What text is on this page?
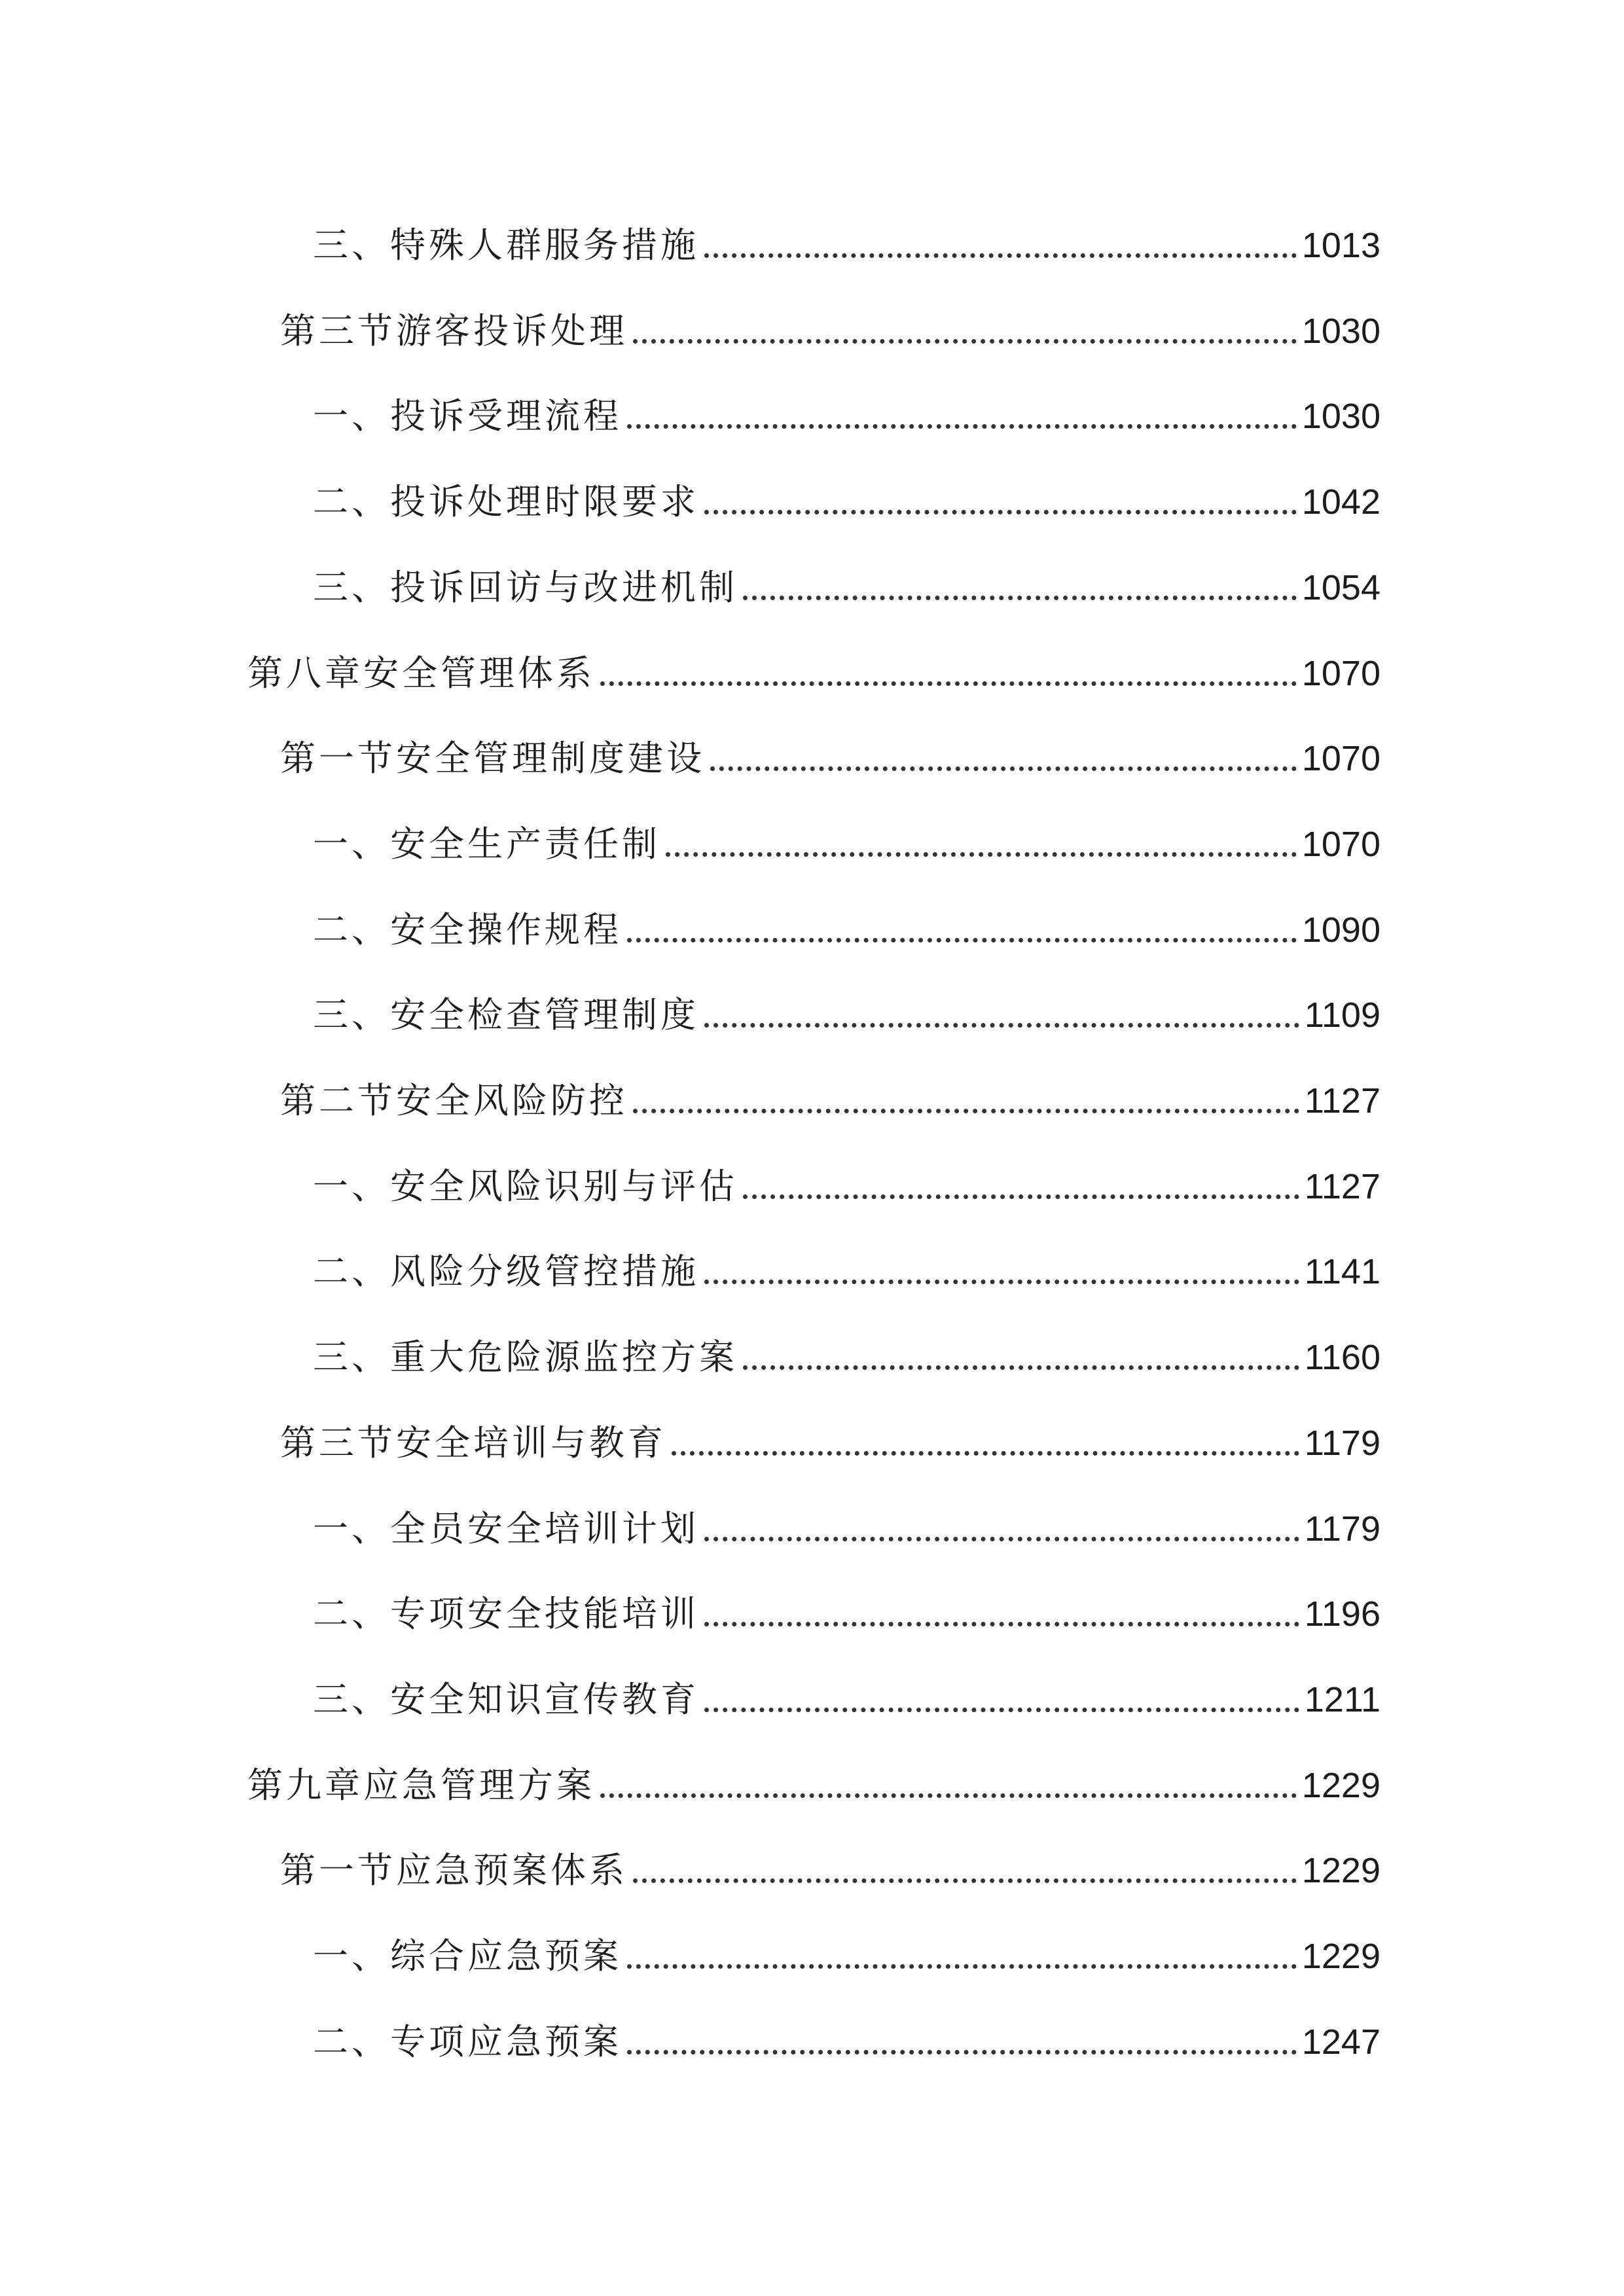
三、特殊人群服务措施	1013
第三节游客投诉处理	1030
一、投诉受理流程	1030
二、投诉处理时限要求	1042
三、投诉回访与改进机制	1054
第八章安全管理体系	1070
第一节安全管理制度建设	1070
一、安全生产责任制	1070
二、安全操作规程	1090
三、安全检查管理制度	1109
第二节安全风险防控	1127
一、安全风险识别与评估	1127
二、风险分级管控措施	1141
三、重大危险源监控方案	1160
第三节安全培训与教育	1179
一、全员安全培训计划	1179
二、专项安全技能培训	1196
三、安全知识宣传教育	1211
第九章应急管理方案	1229
第一节应急预案体系	1229
一、综合应急预案	1229
二、专项应急预案	1247
